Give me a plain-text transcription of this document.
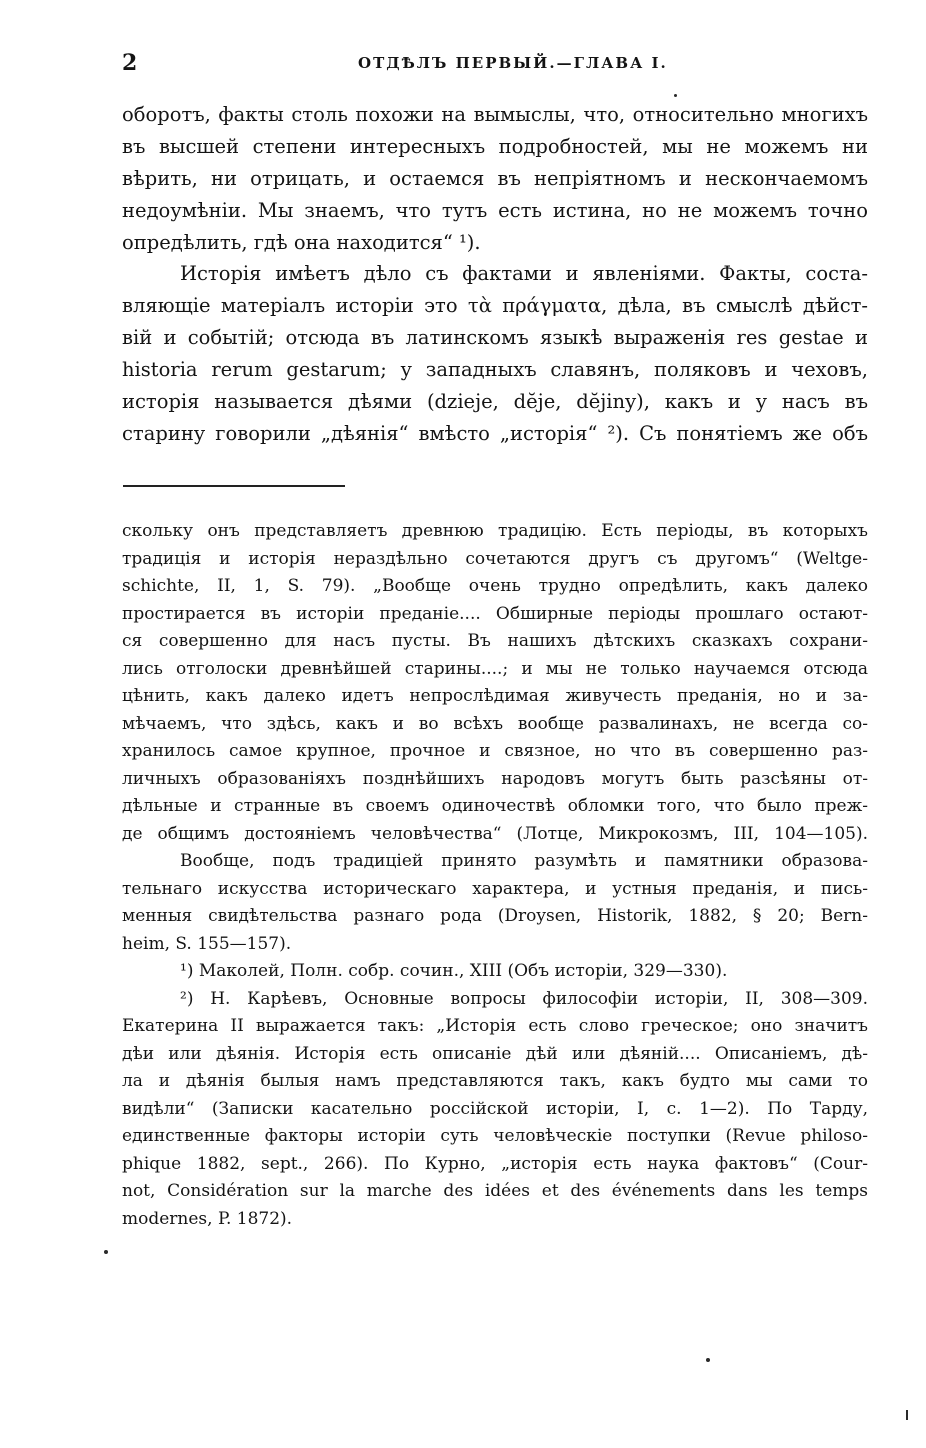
2	ОТДѢЛЪ ПЕРВЫЙ.—ГЛАВА I.
оборотъ, факты столь похожи на вымыслы, что, относительно многихъ
въ высшей степени интересныхъ подробностей, мы не можемъ ни
вѣрить, ни отрицать, и остаемся въ непріятномъ и нескончаемомъ
недоумѣніи. Мы знаемъ, что тутъ есть истина, но не можемъ точно
опредѣлить, гдѣ она находится“ ¹).
Исторія имѣетъ дѣло съ фактами и явленіями. Факты, соста-
вляющіе матеріалъ исторіи это τὰ πράγματα, дѣла, въ смыслѣ дѣйст-
вій и событій; отсюда въ латинскомъ языкѣ выраженія res gestae и
historia rerum gestarum; у западныхъ славянъ, поляковъ и чеховъ,
исторія называется дѣями (dzieje, dĕje, dĕjiny), какъ и у насъ въ
старину говорили „дѣянія“ вмѣсто „исторія“ ²). Съ понятіемъ же объ
скольку онъ представляетъ древнюю традицію. Есть періоды, въ которыхъ
традиція и исторія нераздѣльно сочетаются другъ съ другомъ“ (Weltge-
schichte, II, 1, S. 79). „Вообще очень трудно опредѣлить, какъ далеко
простирается въ исторіи преданіе.... Обширные періоды прошлаго остают-
ся совершенно для насъ пусты. Въ нашихъ дѣтскихъ сказкахъ сохрани-
лись отголоски древнѣйшей старины....; и мы не только научаемся отсюда
цѣнить, какъ далеко идетъ непрослѣдимая живучесть преданія, но и за-
мѣчаемъ, что здѣсь, какъ и во всѣхъ вообще развалинахъ, не всегда со-
хранилось самое крупное, прочное и связное, но что въ совершенно раз-
личныхъ образованіяхъ позднѣйшихъ народовъ могутъ быть разсѣяны от-
дѣльные и странные въ своемъ одиночествѣ обломки того, что было преж-
де общимъ достояніемъ человѣчества“ (Лотце, Микрокозмъ, III, 104—105).
Вообще, подъ традиціей принято разумѣть и памятники образова-
тельнаго искусства историческаго характера, и устныя преданія, и пись-
менныя свидѣтельства разнаго рода (Droysen, Historik, 1882, § 20; Bern-
heim, S. 155—157).
¹) Маколей, Полн. собр. сочин., XIII (Объ исторіи, 329—330).
²) Н. Карѣевъ, Основные вопросы философіи исторіи, II, 308—309.
Екатерина II выражается такъ: „Исторія есть слово греческое; оно значитъ
дѣи или дѣянія. Исторія есть описаніе дѣй или дѣяній.... Описаніемъ, дѣ-
ла и дѣянія былыя намъ представляются такъ, какъ будто мы сами то
видѣли“ (Записки касательно россійской исторіи, I, с. 1—2). По Тарду,
единственные факторы исторіи суть человѣческіе поступки (Revue philoso-
phique 1882, sept., 266). По Курно, „исторія есть наука фактовъ“ (Cour-
not, Considération sur la marche des idées et des événements dans les temps
modernes, P. 1872).
